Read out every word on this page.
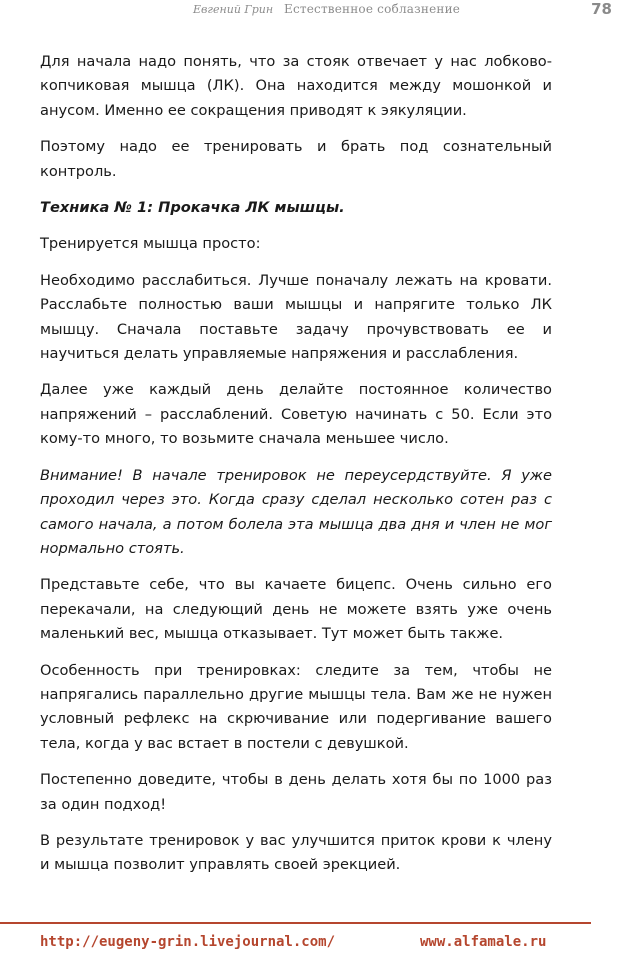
Евгений Грин Естественное соблазнение	78

Для начала надо понять, что за стояк отвечает у нас лобково-копчиковая мышца (ЛК). Она находится между мошонкой и анусом. Именно ее сокращения приводят к эякуляции.

Поэтому надо ее тренировать и брать под сознательный контроль.

Техника № 1: Прокачка ЛК мышцы.

Тренируется мышца просто:

Необходимо расслабиться. Лучше поначалу лежать на кровати. Расслабьте полностью ваши мышцы и напрягите только ЛК мышцу. Сначала поставьте задачу прочувствовать ее и научиться делать управляемые напряжения и расслабления.

Далее уже каждый день делайте постоянное количество напряжений – расслаблений. Советую начинать с 50. Если это кому-то много, то возьмите сначала меньшее число.

Внимание! В начале тренировок не переусердствуйте. Я уже проходил через это. Когда сразу сделал несколько сотен раз с самого начала, а потом болела эта мышца два дня и член не мог нормально стоять.

Представьте себе, что вы качаете бицепс. Очень сильно его перекачали, на следующий день не можете взять уже очень маленький вес, мышца отказывает. Тут может быть также.

Особенность при тренировках: следите за тем, чтобы не напрягались параллельно другие мышцы тела. Вам же не нужен условный рефлекс на скрючивание или подергивание вашего тела, когда у вас встает в постели с девушкой.

Постепенно доведите, чтобы в день делать хотя бы по 1000 раз за один подход!

В результате тренировок у вас улучшится приток крови к члену и мышца позволит управлять своей эрекцией.

http://eugeny-grin.livejournal.com/	www.alfamale.ru
